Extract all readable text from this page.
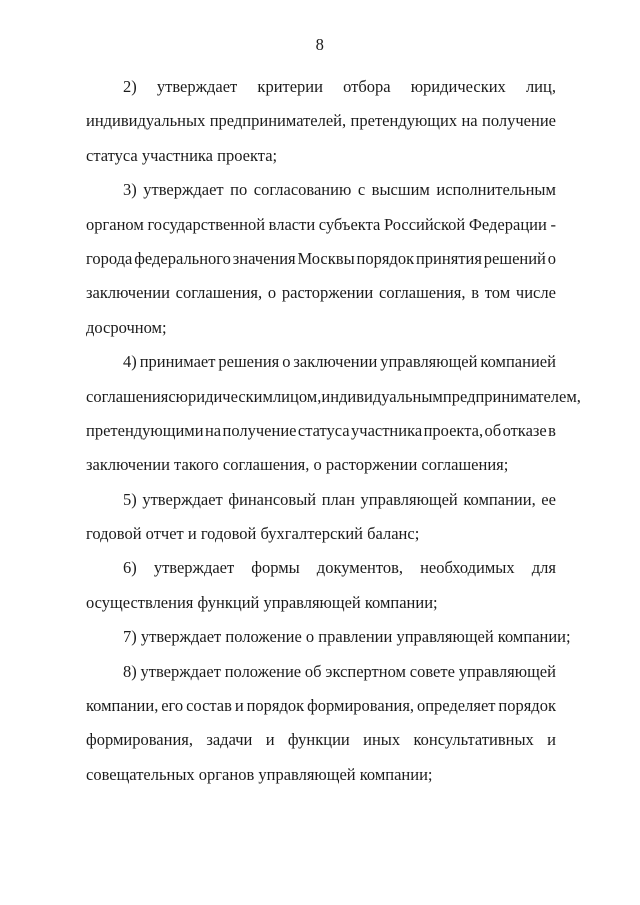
8
2) утверждает критерии отбора юридических лиц,
индивидуальных предпринимателей, претендующих на получение
статуса участника проекта;
3) утверждает по согласованию с высшим исполнительным
органом государственной власти субъекта Российской Федерации -
города федерального значения Москвы порядок принятия решений о
заключении соглашения, о расторжении соглашения, в том числе
досрочном;
4) принимает решения о заключении управляющей компанией
соглашения с юридическим лицом, индивидуальным предпринимателем,
претендующими на получение статуса участника проекта, об отказе в
заключении такого соглашения, о расторжении соглашения;
5) утверждает финансовый план управляющей компании, ее
годовой отчет и годовой бухгалтерский баланс;
6) утверждает формы документов, необходимых для
осуществления функций управляющей компании;
7) утверждает положение о правлении управляющей компании;
8) утверждает положение об экспертном совете управляющей
компании, его состав и порядок формирования, определяет порядок
формирования, задачи и функции иных консультативных и
совещательных органов управляющей компании;
